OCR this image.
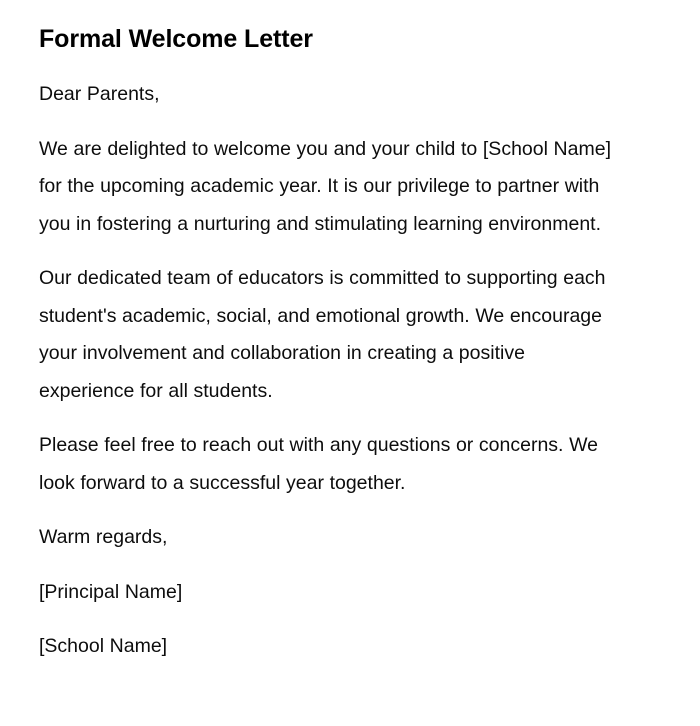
Formal Welcome Letter

Dear Parents,

We are delighted to welcome you and your child to [School Name] for the upcoming academic year. It is our privilege to partner with you in fostering a nurturing and stimulating learning environment.

Our dedicated team of educators is committed to supporting each student's academic, social, and emotional growth. We encourage your involvement and collaboration in creating a positive experience for all students.

Please feel free to reach out with any questions or concerns. We look forward to a successful year together.

Warm regards,

[Principal Name]

[School Name]
